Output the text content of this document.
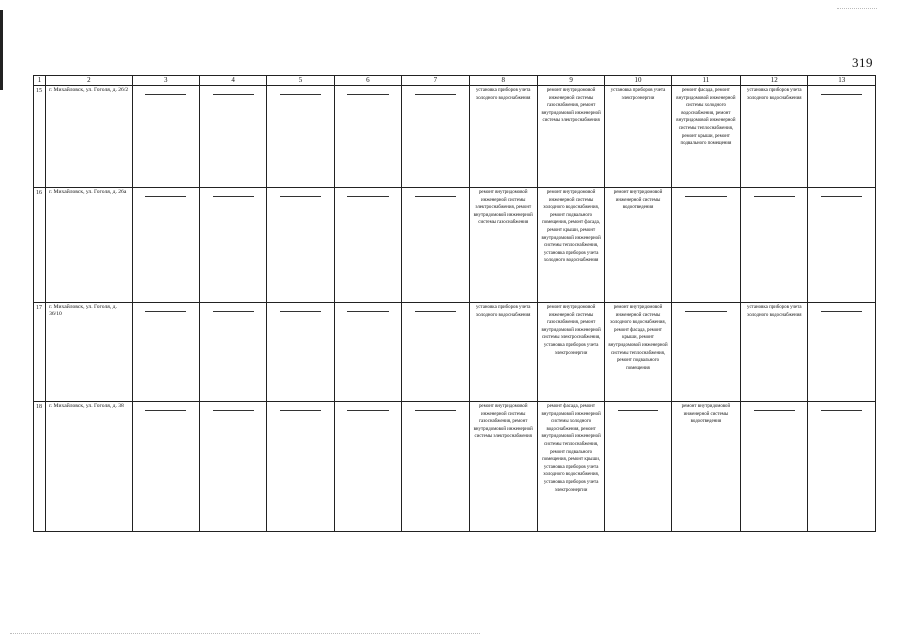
319
1	2	3	4	5	6	7	8	9	10	11	12	13
15	г. Михайловск, ул. Гоголя, д. 26/2						установка приборов учета холодного водоснабжения	ремонт внутридомовой инженерной системы газоснабжения, ремонт внутридомовой инженерной системы электроснабжения	установка приборов учета электроэнергии	ремонт фасада, ремонт внутридомовой инженерной системы холодного водоснабжения, ремонт внутридомовой инженерной системы теплоснабжения, ремонт крыши, ремонт подвального помещения	установка приборов учета холодного водоснабжения	

16	г. Михайловск, ул. Гоголя, д. 26а						ремонт внутридомовой инженерной системы электроснабжения, ремонт внутридомовой инженерной системы газоснабжения	ремонт внутридомовой инженерной системы холодного водоснабжения, ремонт подвального помещения, ремонт фасада, ремонт крыши, ремонт внутридомовой инженерной системы теплоснабжения, установка приборов учета холодного водоснабжения	ремонт внутридомовой инженерной системы водоотведения	

17	г. Михайловск, ул. Гоголя, д. 36/10						установка приборов учета холодного водоснабжения	ремонт внутридомовой инженерной системы газоснабжения, ремонт внутридомовой инженерной системы электроснабжения, установка приборов учета электроэнергии	ремонт внутридомовой инженерной системы холодного водоснабжения, ремонт фасада, ремонт крыши, ремонт внутридомовой инженерной системы теплоснабжения, ремонт подвального помещения		установка приборов учета холодного водоснабжения	

18	г. Михайловск, ул. Гоголя, д. 38						ремонт внутридомовой инженерной системы газоснабжения, ремонт внутридомовой инженерной системы электроснабжения	ремонт фасада, ремонт внутридомовой инженерной системы холодного водоснабжения, ремонт внутридомовой инженерной системы теплоснабжения, ремонт подвального помещения, ремонт крыши, установка приборов учета холодного водоснабжения, установка приборов учета электроэнергии		ремонт внутридомовой инженерной системы водоотведения	
